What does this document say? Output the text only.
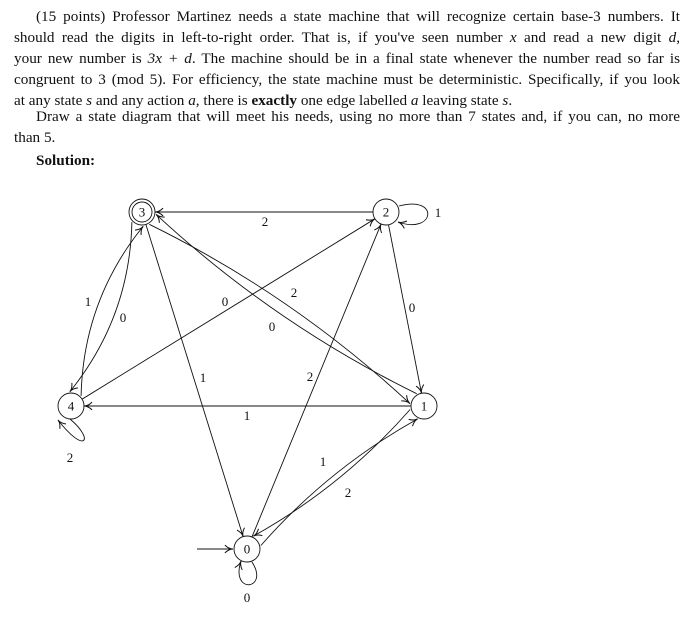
(15 points) Professor Martinez needs a state machine that will recognize certain base-3 numbers. It
should read the digits in left-to-right order. That is, if you've seen number x and read a new digit d,
your new number is 3x + d. The machine should be in a final state whenever the number read so far is
congruent to 3 (mod 5). For efficiency, the state machine must be deterministic. Specifically, if you look
at any state s and any action a, there is exactly one edge labelled a leaving state s.
Draw a state diagram that will meet his needs, using no more than 7 states and, if you can, no more
than 5.
Solution:
2
1
0
0
1
2
0
0
2
1	2
1
1
2
0
0
1
2
3
4
